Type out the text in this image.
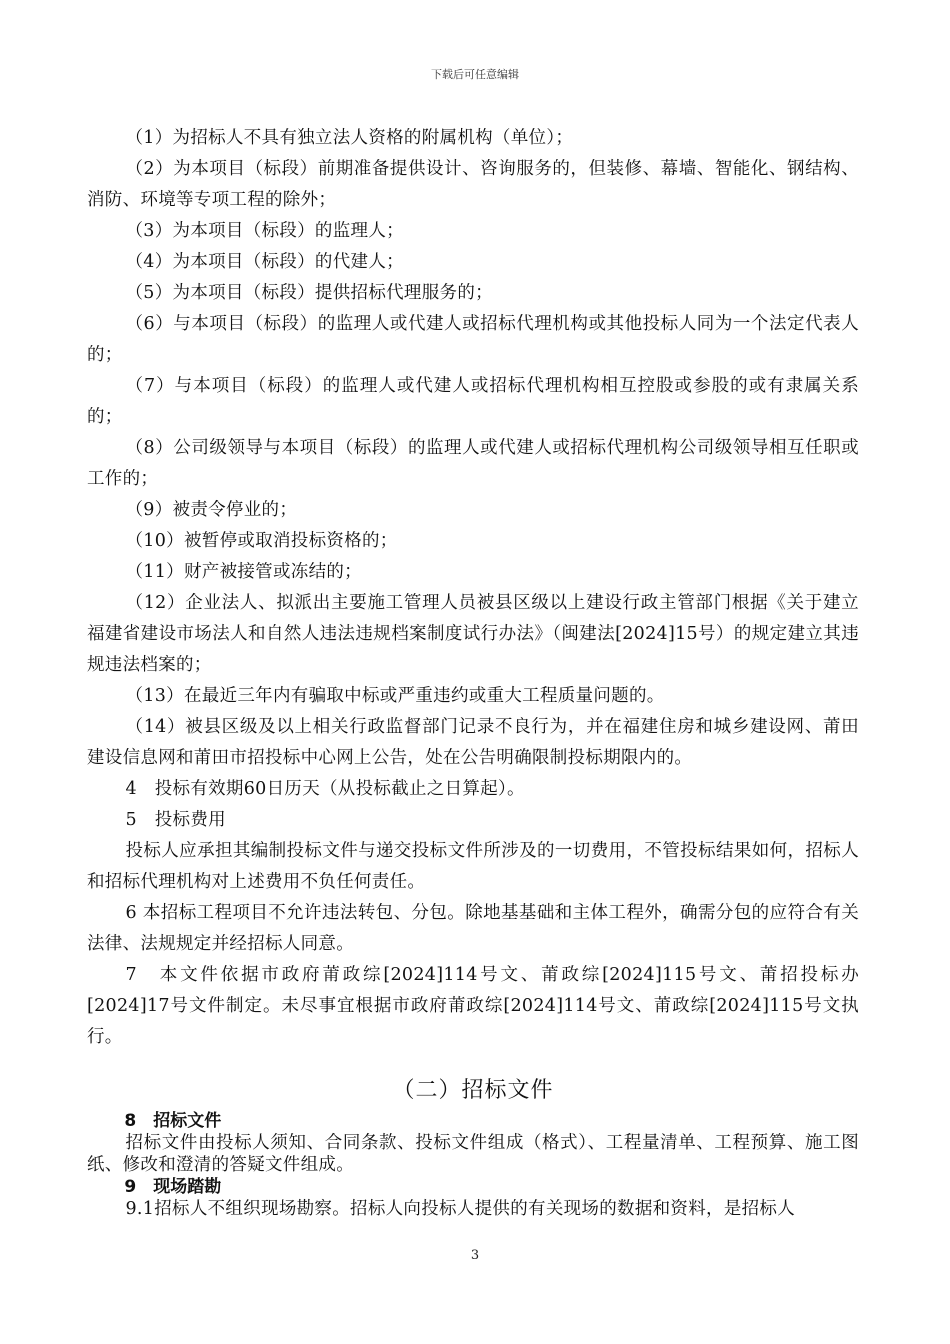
下载后可任意编辑

（1）为招标人不具有独立法人资格的附属机构（单位）；

（2）为本项目（标段）前期准备提供设计、咨询服务的，但装修、幕墙、智能化、钢结构、消防、环境等专项工程的除外；

（3）为本项目（标段）的监理人；

（4）为本项目（标段）的代建人；

（5）为本项目（标段）提供招标代理服务的；

（6）与本项目（标段）的监理人或代建人或招标代理机构或其他投标人同为一个法定代表人的；

（7）与本项目（标段）的监理人或代建人或招标代理机构相互控股或参股的或有隶属关系的；

（8）公司级领导与本项目（标段）的监理人或代建人或招标代理机构公司级领导相互任职或工作的；

（9）被责令停业的；

（10）被暂停或取消投标资格的；

（11）财产被接管或冻结的；

（12）企业法人、拟派出主要施工管理人员被县区级以上建设行政主管部门根据《关于建立福建省建设市场法人和自然人违法违规档案制度试行办法》（闽建法[2024]15号）的规定建立其违规违法档案的；

（13）在最近三年内有骗取中标或严重违约或重大工程质量问题的。

（14）被县区级及以上相关行政监督部门记录不良行为，并在福建住房和城乡建设网、莆田建设信息网和莆田市招投标中心网上公告，处在公告明确限制投标期限内的。

4　投标有效期60日历天（从投标截止之日算起）。

5　投标费用

投标人应承担其编制投标文件与递交投标文件所涉及的一切费用，不管投标结果如何，招标人和招标代理机构对上述费用不负任何责任。

6 本招标工程项目不允许违法转包、分包。除地基基础和主体工程外，确需分包的应符合有关法律、法规规定并经招标人同意。

7　本文件依据市政府莆政综[2024]114号文、莆政综[2024]115号文、莆招投标办[2024]17号文件制定。未尽事宜根据市政府莆政综[2024]114号文、莆政综[2024]115号文执行。

（二）招标文件

8　招标文件

招标文件由投标人须知、合同条款、投标文件组成（格式）、工程量清单、工程预算、施工图纸、修改和澄清的答疑文件组成。

9　现场踏勘

9.1招标人不组织现场勘察。招标人向投标人提供的有关现场的数据和资料，是招标人

3
